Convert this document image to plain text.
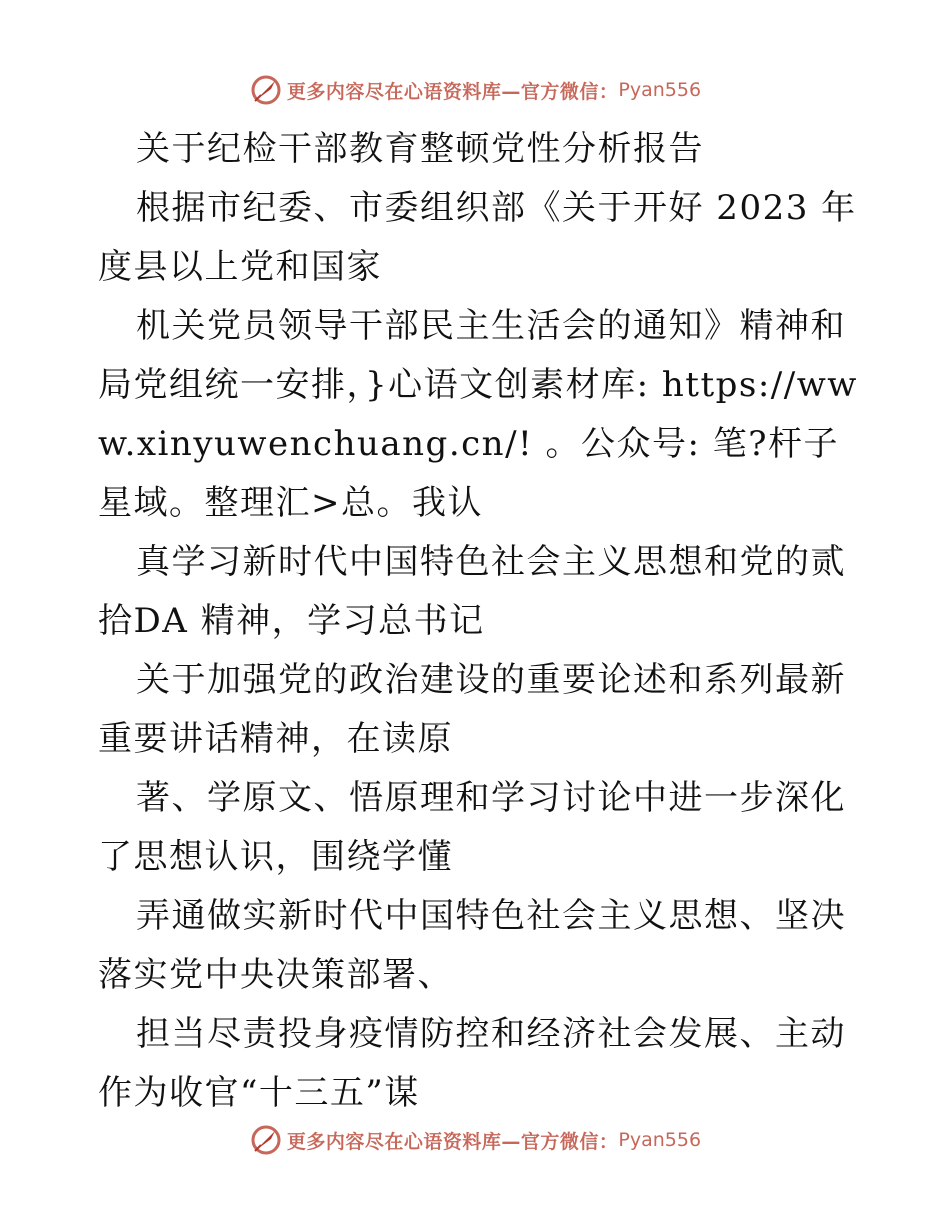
更多内容尽在心语资料库—官方微信： Pyan556

关于纪检干部教育整顿党性分析报告

根据市纪委、市委组织部《关于开好 2023 年度县以上党和国家

机关党员领导干部民主生活会的通知》精神和局党组统一安排，}心语文创素材库: https://www.xinyuwenchuang.cn/! 。公众号: 笔?杆子星域。整理汇>总。我认

真学习新时代中国特色社会主义思想和党的贰拾DA 精神，学习总书记

关于加强党的政治建设的重要论述和系列最新重要讲话精神，在读原

著、学原文、悟原理和学习讨论中进一步深化了思想认识，围绕学懂

弄通做实新时代中国特色社会主义思想、坚决落实党中央决策部署、

担当尽责投身疫情防控和经济社会发展、主动作为收官“十三五”谋

更多内容尽在心语资料库—官方微信： Pyan556
